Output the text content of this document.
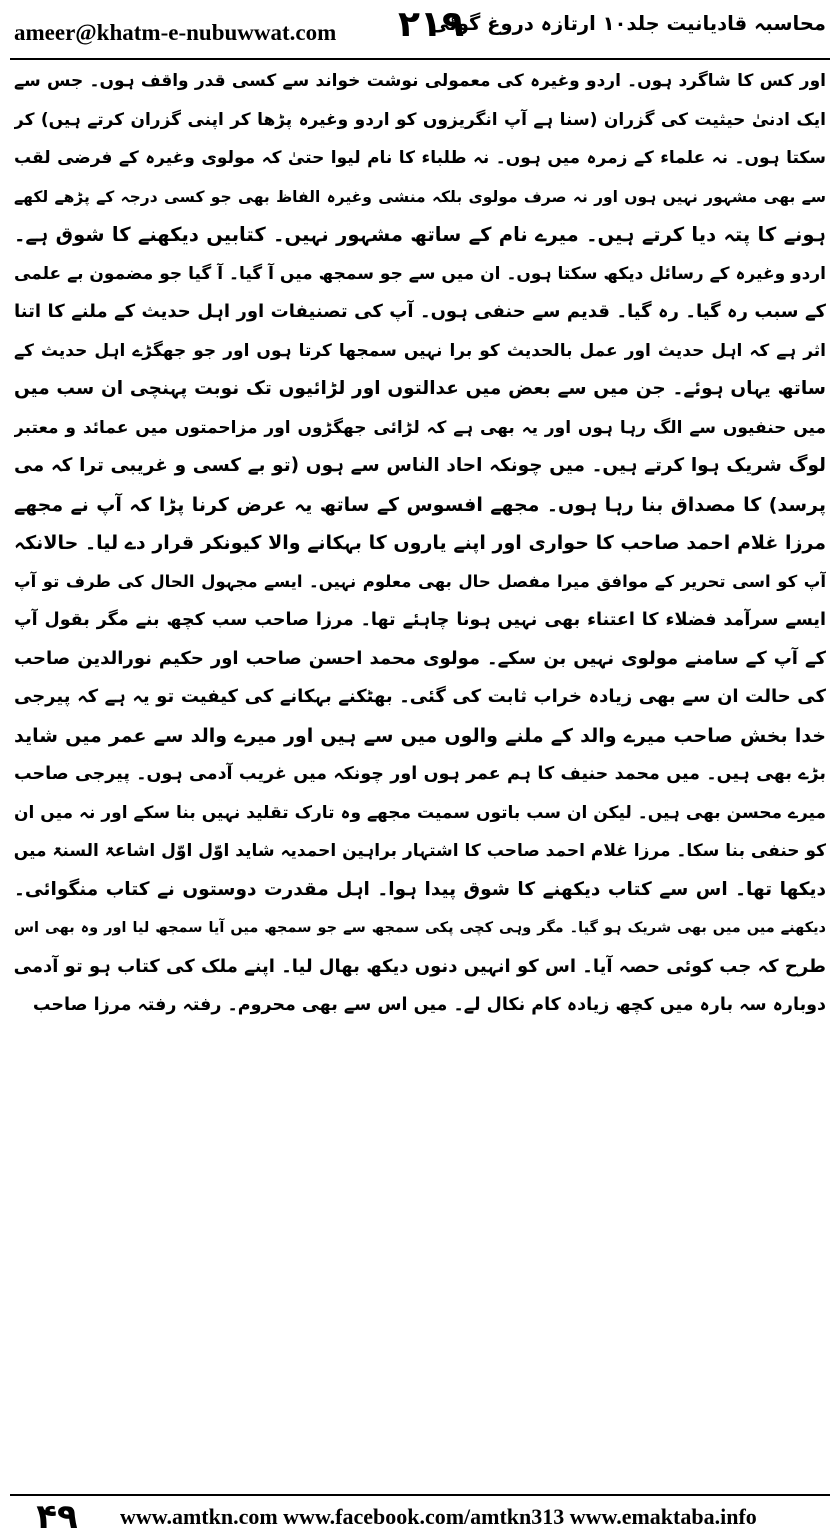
ameer@khatm-e-nubuwwat.com ۲۱۹
محاسبہ قادیانیت جلد۱۰ ارتازہ دروغ گوئی
اور کس کا شاگرد ہوں۔ اردو وغیرہ کی معمولی نوشت خواند سے کسی قدر واقف ہوں۔ جس سے
ایک ادنیٰ حیثیت کی گزران (سنا ہے آپ انگریزوں کو اردو وغیرہ پڑھا کر اپنی گزران کرتے ہیں) کر
سکتا ہوں۔ نہ علماء کے زمرہ میں ہوں۔ نہ طلباء کا نام لیوا حتیٰ کہ مولوی وغیرہ کے فرضی لقب
سے بھی مشہور نہیں ہوں اور نہ صرف مولوی بلکہ منشی وغیرہ الفاظ بھی جو کسی درجہ کے پڑھے لکھے
ہونے کا پتہ دیا کرتے ہیں۔ میرے نام کے ساتھ مشہور نہیں۔ کتابیں دیکھنے کا شوق ہے۔
اردو وغیرہ کے رسائل دیکھ سکتا ہوں۔ ان میں سے جو سمجھ میں آ گیا۔ آ گیا جو مضمون بے علمی
کے سبب رہ گیا۔ رہ گیا۔ قدیم سے حنفی ہوں۔ آپ کی تصنیفات اور اہل حدیث کے ملنے کا اتنا
اثر ہے کہ اہل حدیث اور عمل بالحدیث کو برا نہیں سمجھا کرتا ہوں اور جو جھگڑے اہل حدیث کے
ساتھ یہاں ہوئے۔ جن میں سے بعض میں عدالتوں اور لڑائیوں تک نوبت پہنچی ان سب میں
میں حنفیوں سے الگ رہا ہوں اور یہ بھی ہے کہ لڑائی جھگڑوں اور مزاحمتوں میں عمائد و معتبر
لوگ شریک ہوا کرتے ہیں۔ میں چونکہ احاد الناس سے ہوں (تو بے کسی و غریبی ترا کہ می
پرسد) کا مصداق بنا رہا ہوں۔ مجھے افسوس کے ساتھ یہ عرض کرنا پڑا کہ آپ نے مجھے
مرزا غلام احمد صاحب کا حواری اور اپنے یاروں کا بہکانے والا کیونکر قرار دے لیا۔ حالانکہ
آپ کو اسی تحریر کے موافق میرا مفصل حال بھی معلوم نہیں۔ ایسے مجہول الحال کی طرف تو آپ
ایسے سرآمد فضلاء کا اعتناء بھی نہیں ہونا چاہئے تھا۔ مرزا صاحب سب کچھ بنے مگر بقول آپ
کے آپ کے سامنے مولوی نہیں بن سکے۔ مولوی محمد احسن صاحب اور حکیم نورالدین صاحب
کی حالت ان سے بھی زیادہ خراب ثابت کی گئی۔ بھٹکنے بہکانے کی کیفیت تو یہ ہے کہ پیرجی
خدا بخش صاحب میرے والد کے ملنے والوں میں سے ہیں اور میرے والد سے عمر میں شاید
بڑے بھی ہیں۔ میں محمد حنیف کا ہم عمر ہوں اور چونکہ میں غریب آدمی ہوں۔ پیرجی صاحب
میرے محسن بھی ہیں۔ لیکن ان سب باتوں سمیت مجھے وہ تارک تقلید نہیں بنا سکے اور نہ میں ان
کو حنفی بنا سکا۔ مرزا غلام احمد صاحب کا اشتہار براہین احمدیہ شاید اوّل اوّل اشاعۃ السنۃ میں
دیکھا تھا۔ اس سے کتاب دیکھنے کا شوق پیدا ہوا۔ اہل مقدرت دوستوں نے کتاب منگوائی۔
دیکھنے میں میں بھی شریک ہو گیا۔ مگر وہی کچی پکی سمجھ سے جو سمجھ میں آیا سمجھ لیا اور وہ بھی اس
طرح کہ جب کوئی حصہ آیا۔ اس کو انہیں دنوں دیکھ بھال لیا۔ اپنے ملک کی کتاب ہو تو آدمی
دوبارہ سہ بارہ میں کچھ زیادہ کام نکال لے۔ میں اس سے بھی محروم۔ رفتہ رفتہ مرزا صاحب
۴۹	www.amtkn.com www.facebook.com/amtkn313 www.emaktaba.info
